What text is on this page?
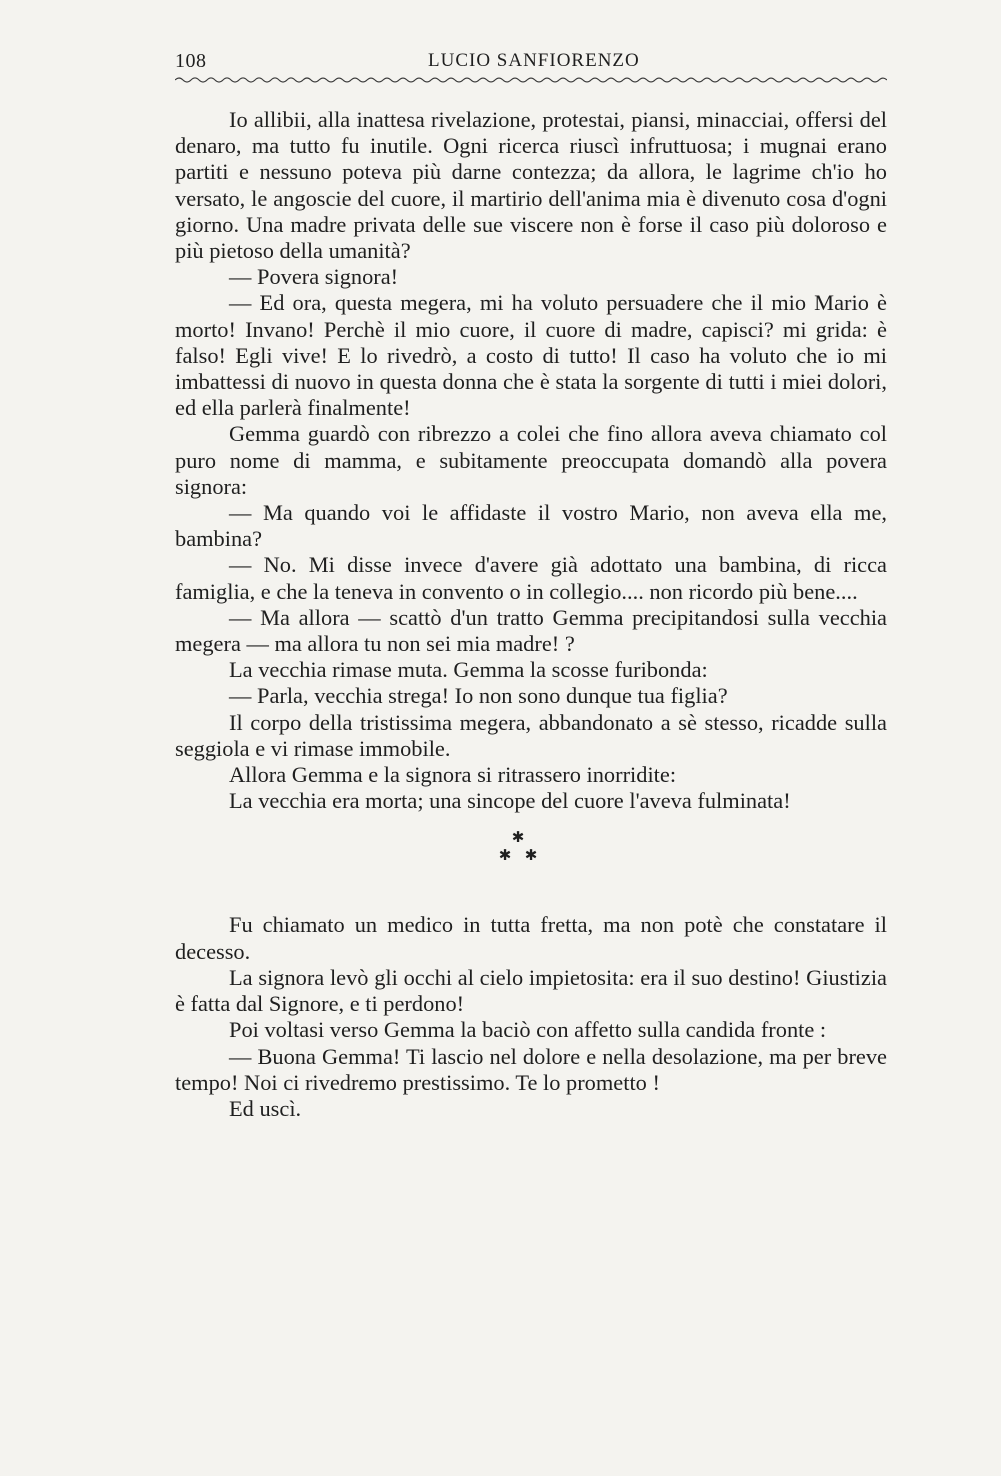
108	LUCIO SANFIORENZO

Io allibii, alla inattesa rivelazione, protestai, piansi, minacciai, offersi del denaro, ma tutto fu inutile. Ogni ricerca riuscì infruttuosa; i mugnai erano partiti e nessuno poteva più darne contezza; da allora, le lagrime ch'io ho versato, le angoscie del cuore, il martirio dell'anima mia è divenuto cosa d'ogni giorno. Una madre privata delle sue viscere non è forse il caso più doloroso e più pietoso della umanità?

— Povera signora!

— Ed ora, questa megera, mi ha voluto persuadere che il mio Mario è morto! Invano! Perchè il mio cuore, il cuore di madre, capisci? mi grida: è falso! Egli vive! E lo rivedrò, a costo di tutto! Il caso ha voluto che io mi imbattessi di nuovo in questa donna che è stata la sorgente di tutti i miei dolori, ed ella parlerà finalmente!

Gemma guardò con ribrezzo a colei che fino allora aveva chiamato col puro nome di mamma, e subitamente preoccupata domandò alla povera signora:

— Ma quando voi le affidaste il vostro Mario, non aveva ella me, bambina?

— No. Mi disse invece d'avere già adottato una bambina, di ricca famiglia, e che la teneva in convento o in collegio.... non ricordo più bene....

— Ma allora — scattò d'un tratto Gemma precipitandosi sulla vecchia megera — ma allora tu non sei mia madre! ?

La vecchia rimase muta. Gemma la scosse furibonda:

— Parla, vecchia strega! Io non sono dunque tua figlia?

Il corpo della tristissima megera, abbandonato a sè stesso, ricadde sulla seggiola e vi rimase immobile.

Allora Gemma e la signora si ritrassero inorridite:

La vecchia era morta; una sincope del cuore l'aveva fulminata!

✱
✱ ✱

Fu chiamato un medico in tutta fretta, ma non potè che constatare il decesso.

La signora levò gli occhi al cielo impietosita: era il suo destino! Giustizia è fatta dal Signore, e ti perdono!

Poi voltasi verso Gemma la baciò con affetto sulla candida fronte :

— Buona Gemma! Ti lascio nel dolore e nella desolazione, ma per breve tempo! Noi ci rivedremo prestissimo. Te lo prometto !

Ed uscì.
